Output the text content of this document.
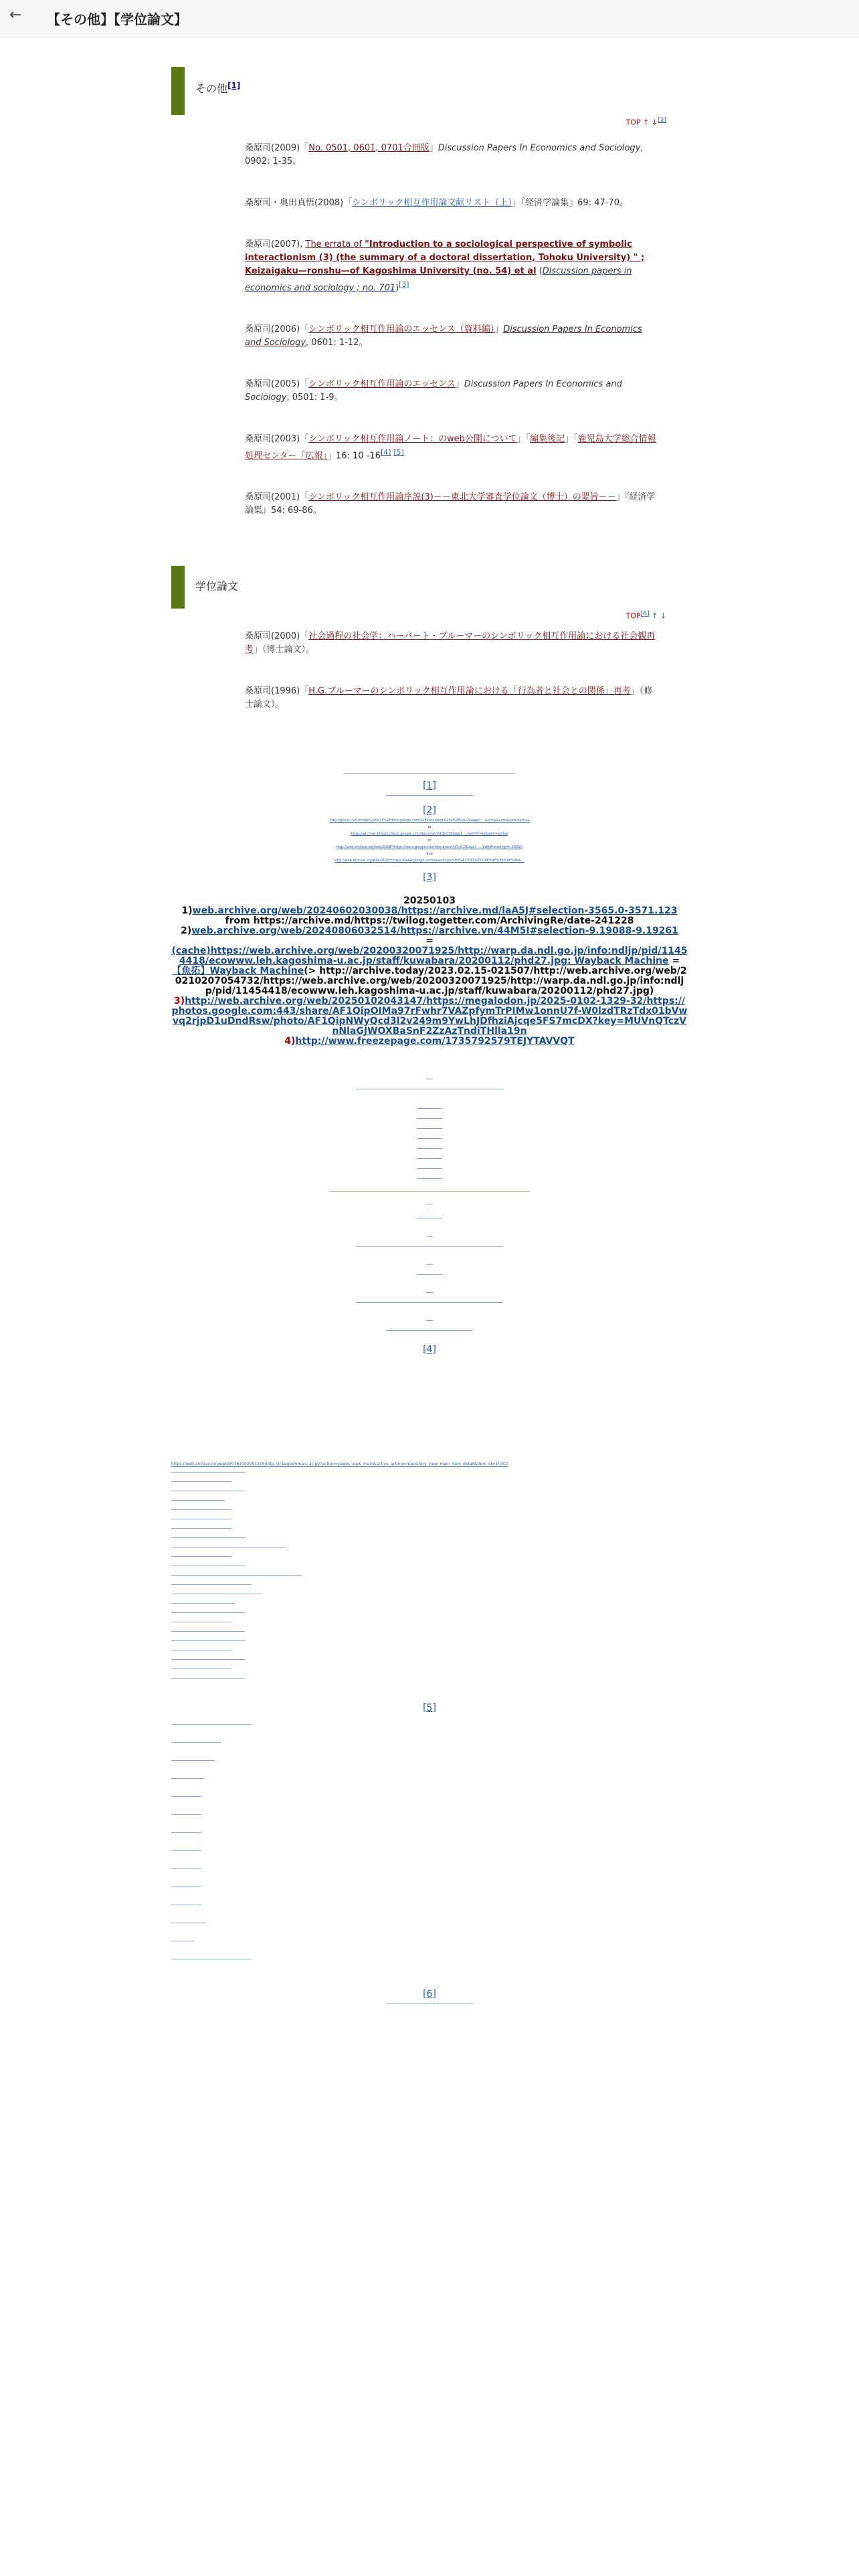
← 【その他】【学位論文】
その他[1]
TOP ↑ ↓[2]
桑原司(2009)「No. 0501, 0601, 0701合冊版」Discussion Papers In Economics and Sociology, 0902: 1-35。
桑原司・奥田真悟(2008)「シンボリック相互作用論文献リスト（上）」『経済学論集』69: 47-70。
桑原司(2007), The errata of "Introduction to a sociological perspective of symbolic interactionism (3) (the summary of a doctoral dissertation, Tohoku University) " ; Keizaigaku—ronshu—of Kagoshima University (no. 54) et al (Discussion papers in economics and sociology ; no. 701)[3]
桑原司(2006)「シンボリック相互作用論のエッセンス（資料編）」Discussion Papers In Economics and Sociology, 0601: 1-12。
桑原司(2005)「シンボリック相互作用論のエッセンス」Discussion Papers In Economics and Sociology, 0501: 1-9。
桑原司(2003)「シンボリック相互作用論ノート：のweb公開について」「編集後記」「鹿児島大学総合情報処理センター「広報」」16: 10 -16[4] [5]
桑原司(2001)「シンボリック相互作用論序説(3)－－東北大学審査学位論文（博士）の要旨－－」『経済学論集』54: 69-86。
学位論文
TOP[6] ↑ ↓
桑原司(2000)「社会過程の社会学：ハーバート・ブルーマーのシンボリック相互作用論における社会観再考」（博士論文）。
桑原司(1996)「H.G.ブルーマーのシンボリック相互作用論における「行為者と社会との関係」再考」（修士論文）。
[1]
[2]
http://gyo.tc/?url=https%3A%2F%2Fdocs.google.com%2Fdocument%2Fd%2F1nCOGaqe1_...&hl=ja&sa=t&safe=active
or
https://archive.li/https://docs.google.com/document/d/1nCOGaqe1_.../edit?hl=ja&safe=active
or
http://web.archive.org/web/2018*/https://docs.google.com/document/d/1nCOGaqe1_.../edit#heading=h.30j0zll
and
http://web.archive.org/web/2020*/https://www.google.com/search?q=%E6%A1%91%E5%8E%9F%E5%8F%B8&...
[3]
20250103
1)web.archive.org/web/20240602030038/https://archive.md/laA5J#selection-3565.0-3571.123 from https://archive.md/https://twilog.togetter.com/ArchivingRe/date-241228
2)web.archive.org/web/20240806032514/https://archive.vn/44M5I#selection-9.19088-9.19261
=
(cache)https://web.archive.org/web/20200320071925/http://warp.da.ndl.go.jp/info:ndljp/pid/11454418/ecowww.leh.kagoshima-u.ac.jp/staff/kuwabara/20200112/phd27.jpg: Wayback Machine = 【魚拓】Wayback Machine(> http://archive.today/2023.02.15-021507/http://web.archive.org/web/20210207054732/https://web.archive.org/web/20200320071925/http://warp.da.ndl.go.jp/info:ndljp/pid/11454418/ecowww.leh.kagoshima-u.ac.jp/staff/kuwabara/20200112/phd27.jpg)
3)http://web.archive.org/web/20250102043147/https://megalodon.jp/2025-0102-1329-32/https://photos.google.com:443/share/AF1QipOIMa97rFwhr7VAZpfymTrPIMw1onnU7f-W0lzdTRzTdx01bVwvq2rjpD1uDndRsw/photo/AF1QipNWyQcd3l2v249m9YwLhJDfhziAjcqe5FS7mcDX?key=MUVnQTczVnNlaGJWOXBaSnF2ZzAzTndiTHlla19n
4)http://www.freezepage.com/1735792579TEJYTAVVQT
[4]
https://web.archive.org/web/20161002051215/http://ir.kagoshima-u.ac.jp/?action=pages_view_main&active_action=repository_view_main_item_detail&item_id=10302
[5]
[6]
